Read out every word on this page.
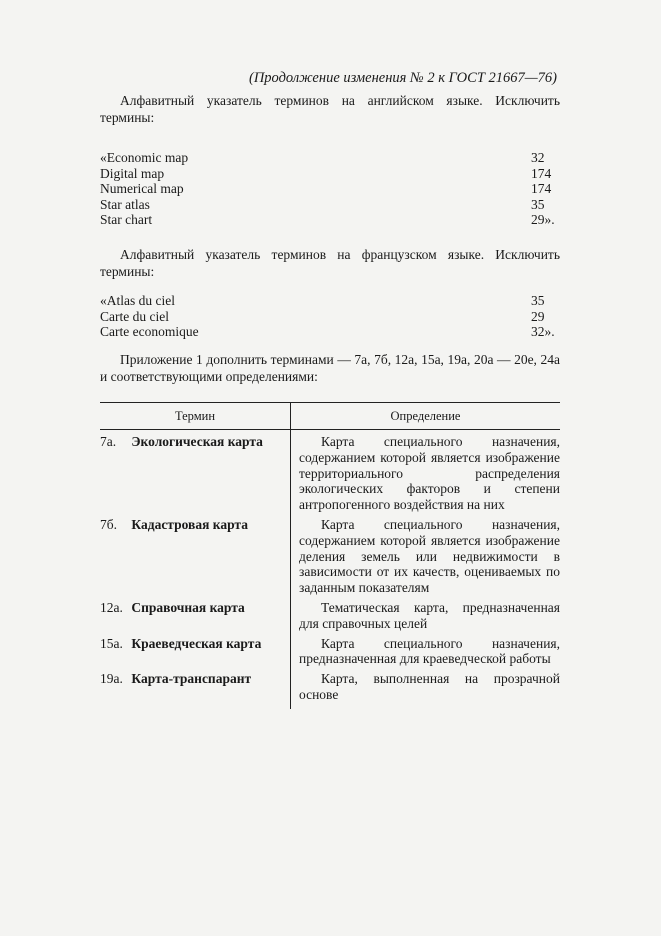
(Продолжение изменения № 2 к ГОСТ 21667—76)

Алфавитный указатель терминов на английском языке. Исключить термины:

«Economic map	32
Digital map	174
Numerical map	174
Star atlas	35
Star chart	29».

Алфавитный указатель терминов на французском языке. Исключить термины:

«Atlas du ciel	35
Carte du ciel	29
Carte economique	32».

Приложение 1 дополнить терминами — 7а, 7б, 12а, 15а, 19а, 20а — 20е, 24а и соответствующими определениями:

Термин	Определение
7а. Экологическая карта	Карта специального назначения, содержанием которой является изображение территориального распределения экологических факторов и степени антропогенного воздействия на них

7б. Кадастровая карта	Карта специального назначения, содержанием которой является изображение деления земель или недвижимости в зависимости от их качеств, оцениваемых по заданным показателям

12а. Справочная карта	Тематическая карта, предназначенная для справочных целей

15а. Краеведческая карта	Карта специального назначения, предназначенная для краеведческой работы

19а. Карта-транспарант	Карта, выполненная на прозрачной основе
